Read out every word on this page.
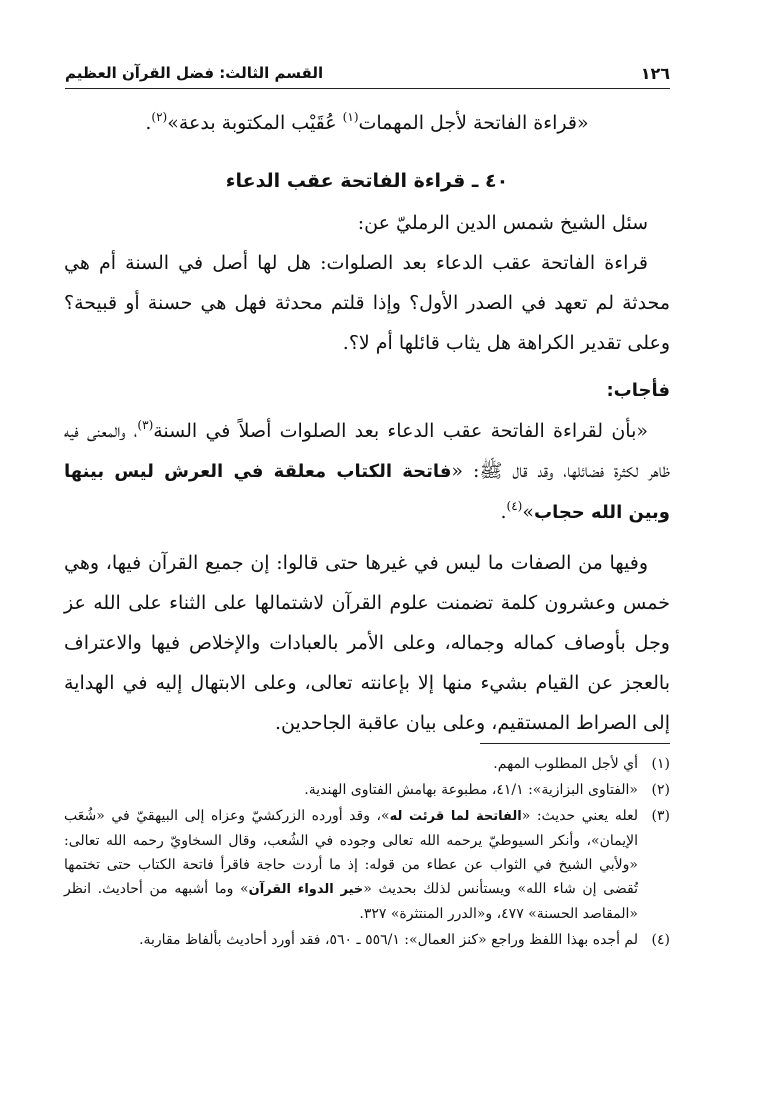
١٢٦
القسم الثالث: فضل القرآن العظيم

«قراءة الفاتحة لأجل المهمات$^{(١)}$ عُقَيْب المكتوبة بدعة»$^{(٢)}$.

٤٠ ـ قراءة الفاتحة عقب الدعاء

سئل الشيخ شمس الدين الرمليّ عن:

قراءة الفاتحة عقب الدعاء بعد الصلوات: هل لها أصل في السنة أم هي محدثة لم تعهد في الصدر الأول؟ وإذا قلتم محدثة فهل هي حسنة أو قبيحة؟ وعلى تقدير الكراهة هل يثاب قائلها أم لا؟.

فأجاب:

«بأن لقراءة الفاتحة عقب الدعاء بعد الصلوات أصلاً في السنة$^{(٣)}$، والمعنى فيه ظاهر لكثرة فضائلها، وقد قال ﷺ: «فاتحة الكتاب معلقة في العرش ليس بينها وبين الله حجاب»$^{(٤)}$.

وفيها من الصفات ما ليس في غيرها حتى قالوا: إن جميع القرآن فيها، وهي خمس وعشرون كلمة تضمنت علوم القرآن لاشتمالها على الثناء على الله عز وجل بأوصاف كماله وجماله، وعلى الأمر بالعبادات والإخلاص فيها والاعتراف بالعجز عن القيام بشيء منها إلا بإعانته تعالى، وعلى الابتهال إليه في الهداية إلى الصراط المستقيم، وعلى بيان عاقبة الجاحدين.

(١)
أي لأجل المطلوب المهم.
(٢)
«الفتاوى البزازية»: ٤١/١، مطبوعة بهامش الفتاوى الهندية.
(٣)
لعله يعني حديث: «الفاتحة لما قرئت له»، وقد أورده الزركشيّ وعزاه إلى البيهقيّ في «شُعَب الإيمان»، وأنكر السيوطيّ يرحمه الله تعالى وجوده في الشُعب، وقال السخاويّ رحمه الله تعالى: «ولأبي الشيخ في الثواب عن عطاء من قوله: إذ ما أردت حاجة فاقرأ فاتحة الكتاب حتى تختمها تُقضى إن شاء الله» ويستأنس لذلك بحديث «خير الدواء القرآن» وما أشبهه من أحاديث. انظر «المقاصد الحسنة» ٤٧٧، و«الدرر المنتثرة» ٣٢٧.
(٤)
لم أجده بهذا اللفظ وراجع «كنز العمال»: ٥٥٦/١ ـ ٥٦٠، فقد أورد أحاديث بألفاظ مقاربة.
